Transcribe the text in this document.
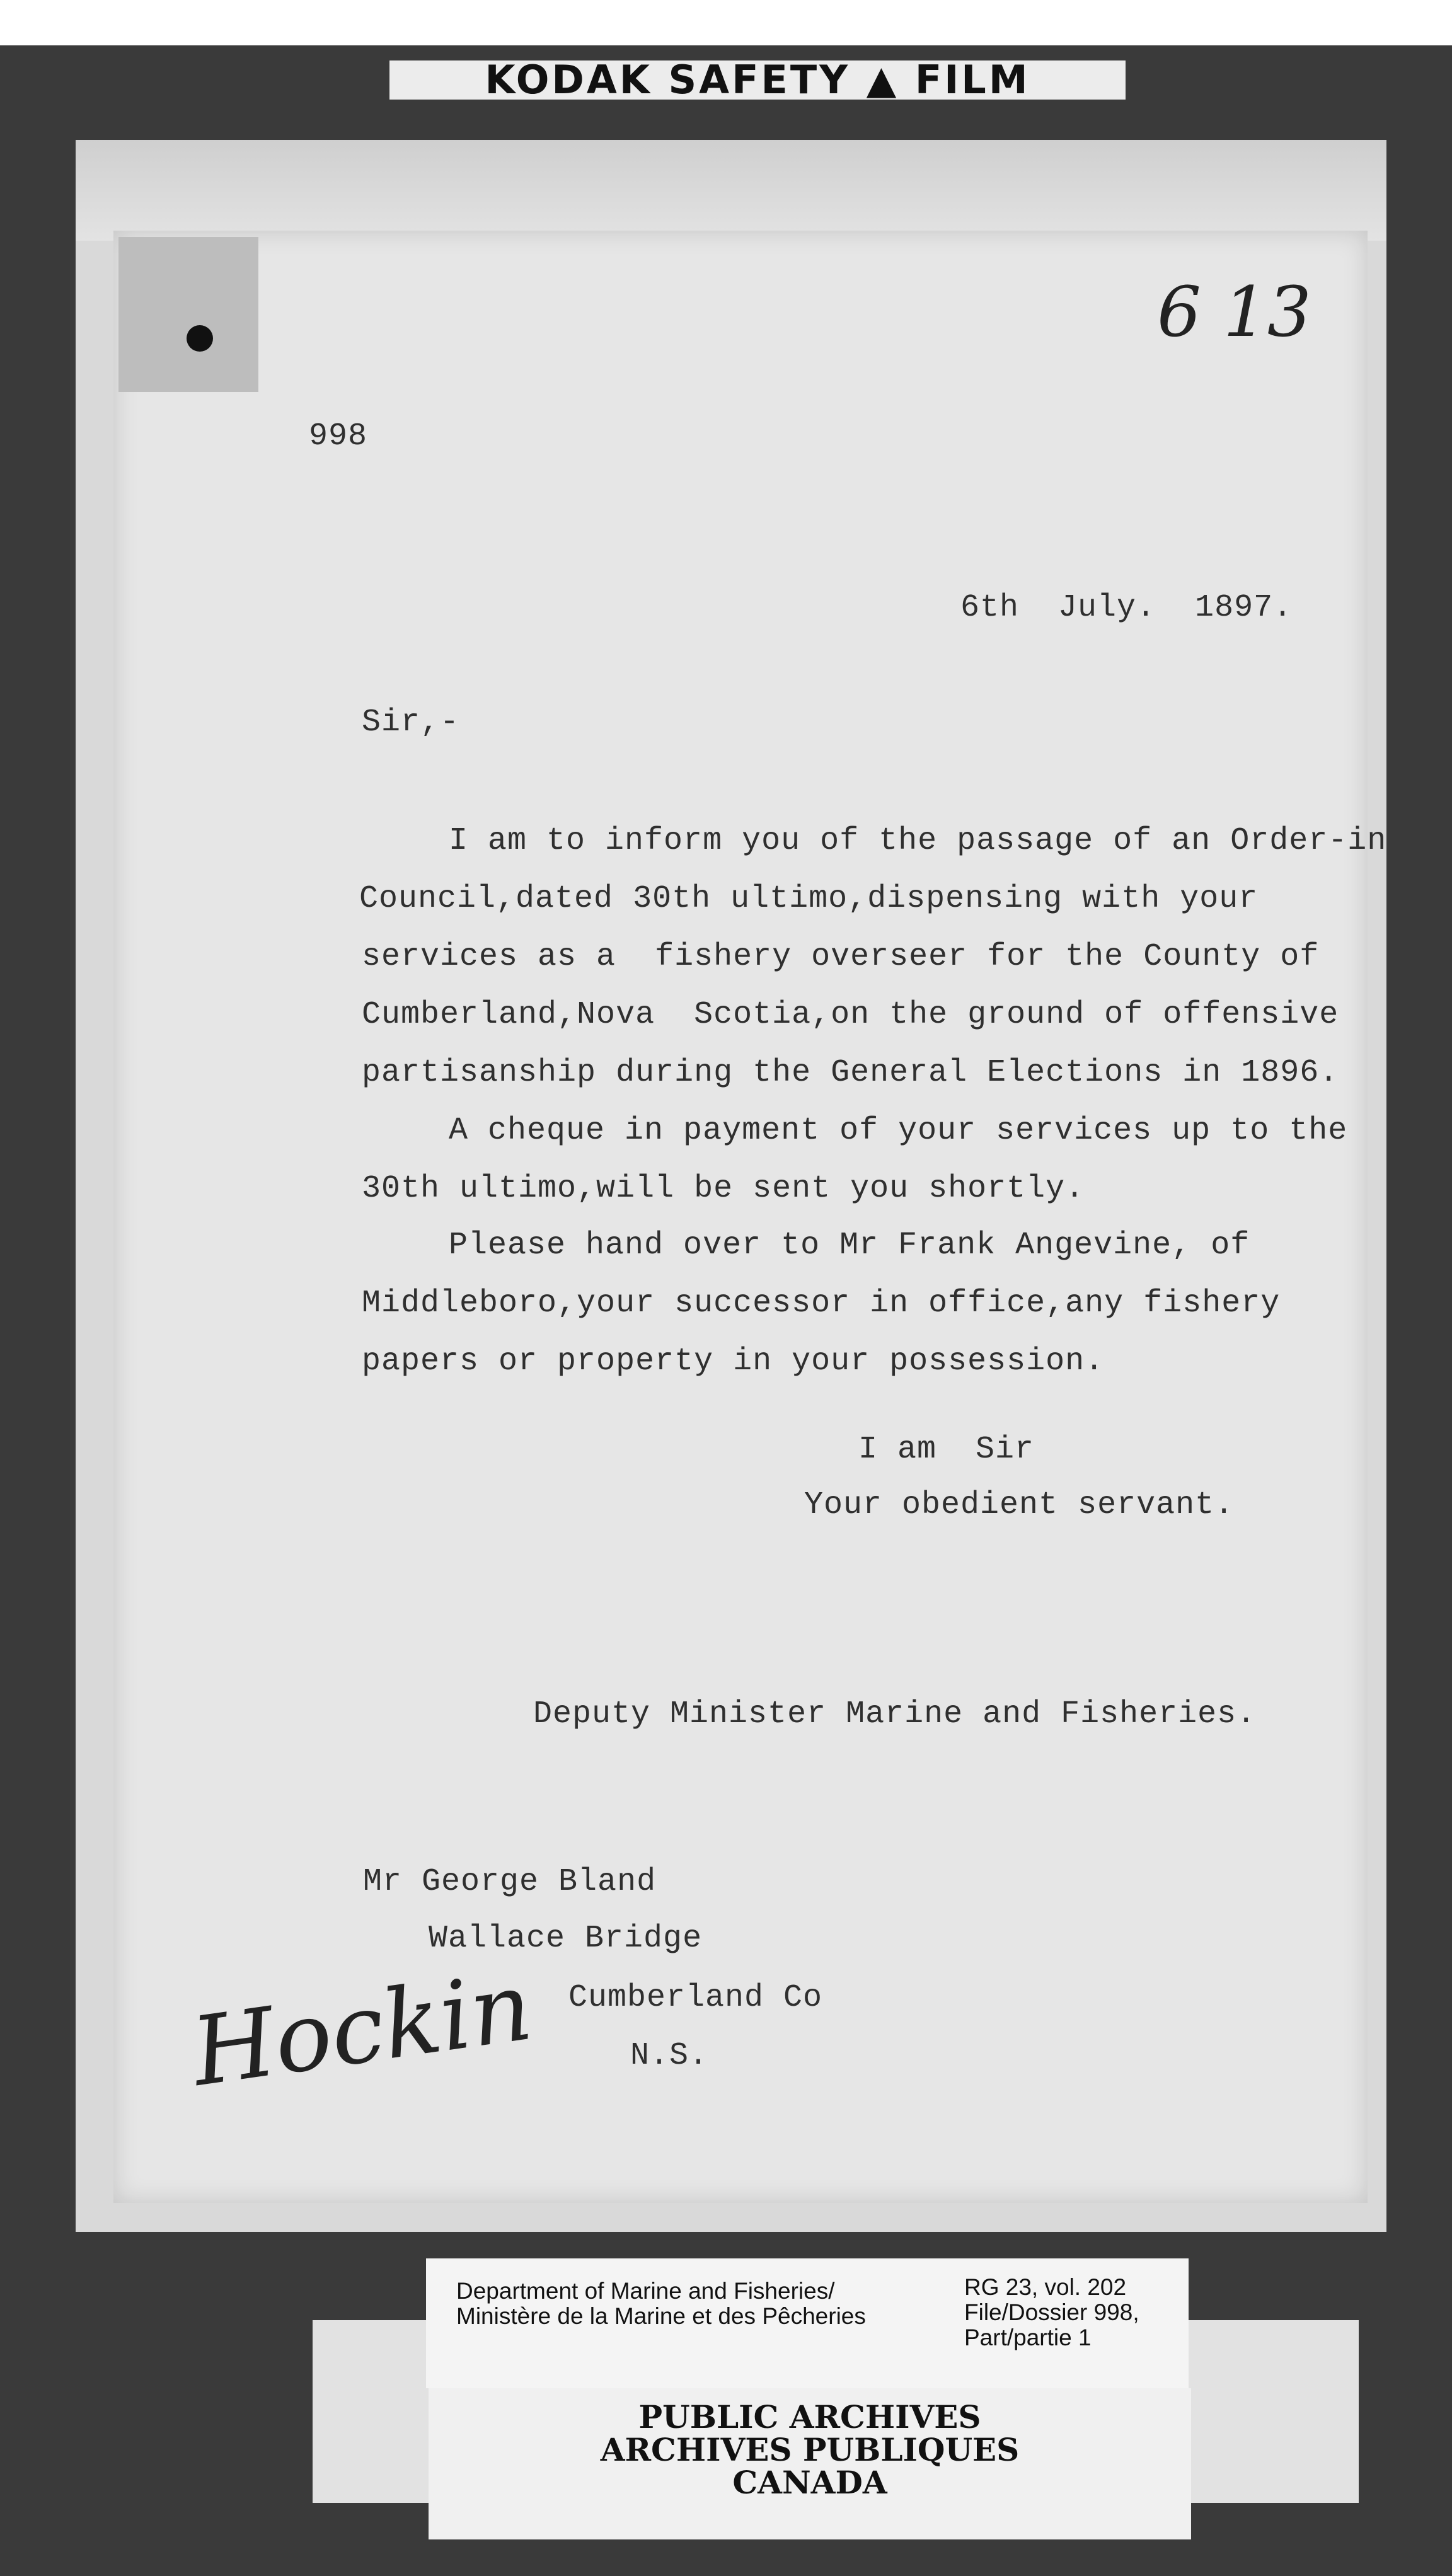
KODAK SAFETY ▲ FILM
6 13
998
6th  July.  1897.
Sir,-
I am to inform you of the passage of an Order-in
Council,dated 30th ultimo,dispensing with your
services as a  fishery overseer for the County of
Cumberland,Nova  Scotia,on the ground of offensive
partisanship during the General Elections in 1896.
A cheque in payment of your services up to the
30th ultimo,will be sent you shortly.
Please hand over to Mr Frank Angevine, of
Middleboro,your successor in office,any fishery
papers or property in your possession.
I am  Sir
Your obedient servant.
Deputy Minister Marine and Fisheries.
Mr George Bland
Wallace Bridge
Cumberland Co
N.S.
Hockin
Department of Marine and Fisheries/
Ministère de la Marine et des Pêcheries
RG 23, vol. 202
File/Dossier 998,
Part/partie 1
PUBLIC ARCHIVES
ARCHIVES PUBLIQUES
CANADA
